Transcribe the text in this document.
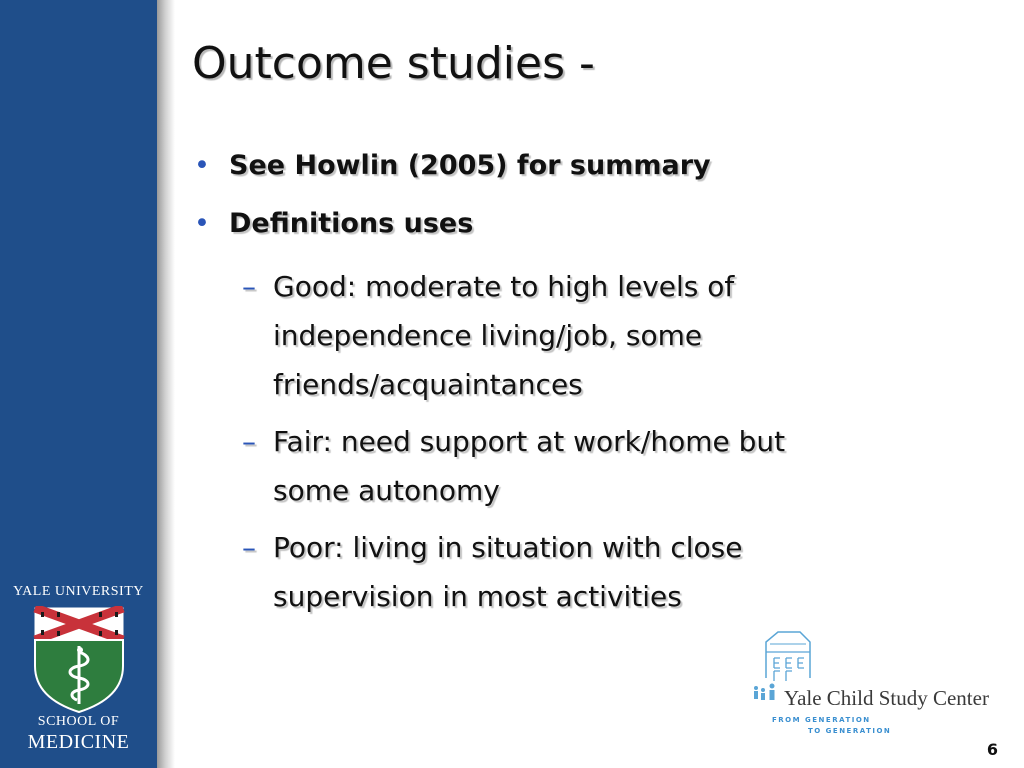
YALE UNIVERSITY
SCHOOL OF
MEDICINE
Outcome studies -
• See Howlin (2005) for summary
• Definitions uses
– Good: moderate to high levels of
independence living/job, some
friends/acquaintances
– Fair: need support at work/home but
some autonomy
– Poor: living in situation with close
supervision in most activities
Yale Child Study Center
FROM GENERATION
TO GENERATION
6
